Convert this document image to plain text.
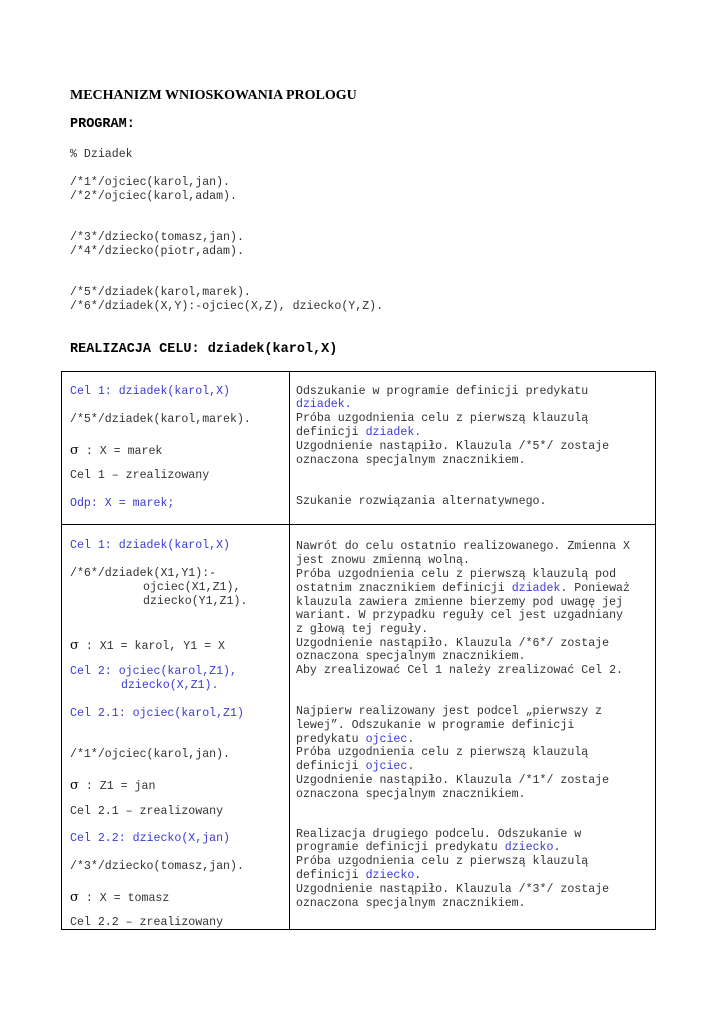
MECHANIZM WNIOSKOWANIA PROLOGU
PROGRAM:
% Dziadek
/*1*/ojciec(karol,jan).
/*2*/ojciec(karol,adam).
/*3*/dziecko(tomasz,jan).
/*4*/dziecko(piotr,adam).
/*5*/dziadek(karol,marek).
/*6*/dziadek(X,Y):-ojciec(X,Z), dziecko(Y,Z).
REALIZACJA CELU: dziadek(karol,X)
Cel 1: dziadek(karol,X)
/*5*/dziadek(karol,marek).
σ : X = marek
Cel 1 – zrealizowany
Odp: X = marek;
Odszukanie w programie definicji predykatu
dziadek.
Próba uzgodnienia celu z pierwszą klauzulą
definicji dziadek.
Uzgodnienie nastąpiło. Klauzula /*5*/ zostaje
oznaczona specjalnym znacznikiem.
Szukanie rozwiązania alternatywnego.
Cel 1: dziadek(karol,X)
/*6*/dziadek(X1,Y1):-
ojciec(X1,Z1),
dziecko(Y1,Z1).
σ : X1 = karol, Y1 = X
Cel 2: ojciec(karol,Z1),
dziecko(X,Z1).
Cel 2.1: ojciec(karol,Z1)
/*1*/ojciec(karol,jan).
σ : Z1 = jan
Cel 2.1 – zrealizowany
Cel 2.2: dziecko(X,jan)
/*3*/dziecko(tomasz,jan).
σ : X = tomasz
Cel 2.2 – zrealizowany
Nawrót do celu ostatnio realizowanego. Zmienna X
jest znowu zmienną wolną.
Próba uzgodnienia celu z pierwszą klauzulą pod
ostatnim znacznikiem definicji dziadek. Ponieważ
klauzula zawiera zmienne bierzemy pod uwagę jej
wariant. W przypadku reguły cel jest uzgadniany
z głową tej reguły.
Uzgodnienie nastąpiło. Klauzula /*6*/ zostaje
oznaczona specjalnym znacznikiem.
Aby zrealizować Cel 1 należy zrealizować Cel 2.
Najpierw realizowany jest podcel „pierwszy z
lewej”. Odszukanie w programie definicji
predykatu ojciec.
Próba uzgodnienia celu z pierwszą klauzulą
definicji ojciec.
Uzgodnienie nastąpiło. Klauzula /*1*/ zostaje
oznaczona specjalnym znacznikiem.
Realizacja drugiego podcelu. Odszukanie w
programie definicji predykatu dziecko.
Próba uzgodnienia celu z pierwszą klauzulą
definicji dziecko.
Uzgodnienie nastąpiło. Klauzula /*3*/ zostaje
oznaczona specjalnym znacznikiem.
